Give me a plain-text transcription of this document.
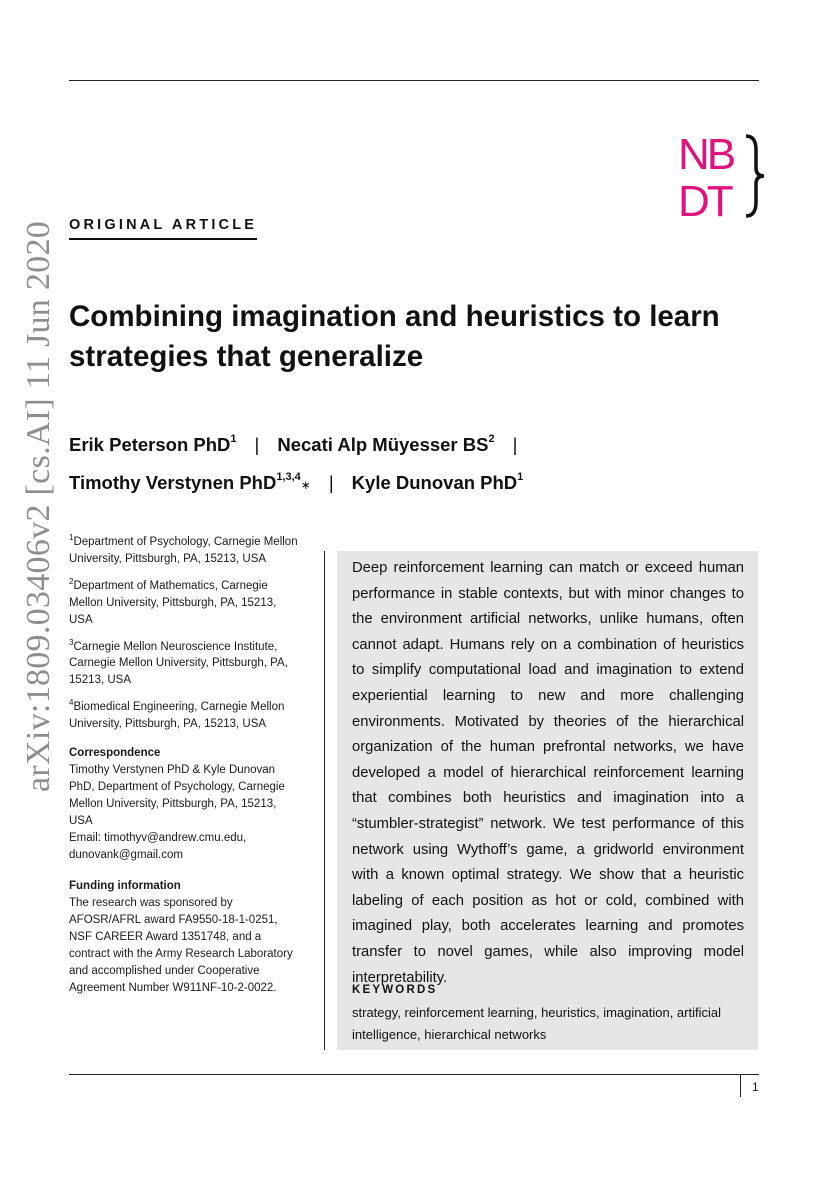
arXiv:1809.03406v2 [cs.AI] 11 Jun 2020
NB
DT
ORIGINAL ARTICLE
Combining imagination and heuristics to learn strategies that generalize
Erik Peterson PhD$^1$ | Necati Alp Müyesser $BS^2$ |
Timothy Verstynen PhD$^{1,3,4}$∗ | Kyle Dunovan PhD$^1$
$^1$Department of Psychology, Carnegie Mellon University, Pittsburgh, PA, 15213, USA
$^2$Department of Mathematics, Carnegie Mellon University, Pittsburgh, PA, 15213, USA
$^3$Carnegie Mellon Neuroscience Institute, Carnegie Mellon University, Pittsburgh, PA, 15213, USA
$^4$Biomedical Engineering, Carnegie Mellon University, Pittsburgh, PA, 15213, USA
Correspondence
Timothy Verstynen PhD & Kyle Dunovan PhD, Department of Psychology, Carnegie Mellon University, Pittsburgh, PA, 15213, USA
Email: timothyv@andrew.cmu.edu, dunovank@gmail.com
Funding information
The research was sponsored by AFOSR/AFRL award FA9550-18-1-0251, NSF CAREER Award 1351748, and a contract with the Army Research Laboratory and accomplished under Cooperative Agreement Number W911NF-10-2-0022.
Deep reinforcement learning can match or exceed human performance in stable contexts, but with minor changes to the environment artificial networks, unlike humans, often cannot adapt. Humans rely on a combination of heuristics to simplify computational load and imagination to extend experiential learning to new and more challenging environments. Motivated by theories of the hierarchical organization of the human prefrontal networks, we have developed a model of hierarchical reinforcement learning that combines both heuristics and imagination into a “stumbler-strategist” network. We test performance of this network using Wythoff’s game, a gridworld environment with a known optimal strategy. We show that a heuristic labeling of each position as hot or cold, combined with imagined play, both accelerates learning and promotes transfer to novel games, while also improving model interpretability.
KEYWORDS
strategy, reinforcement learning, heuristics, imagination, artificial intelligence, hierarchical networks
1
